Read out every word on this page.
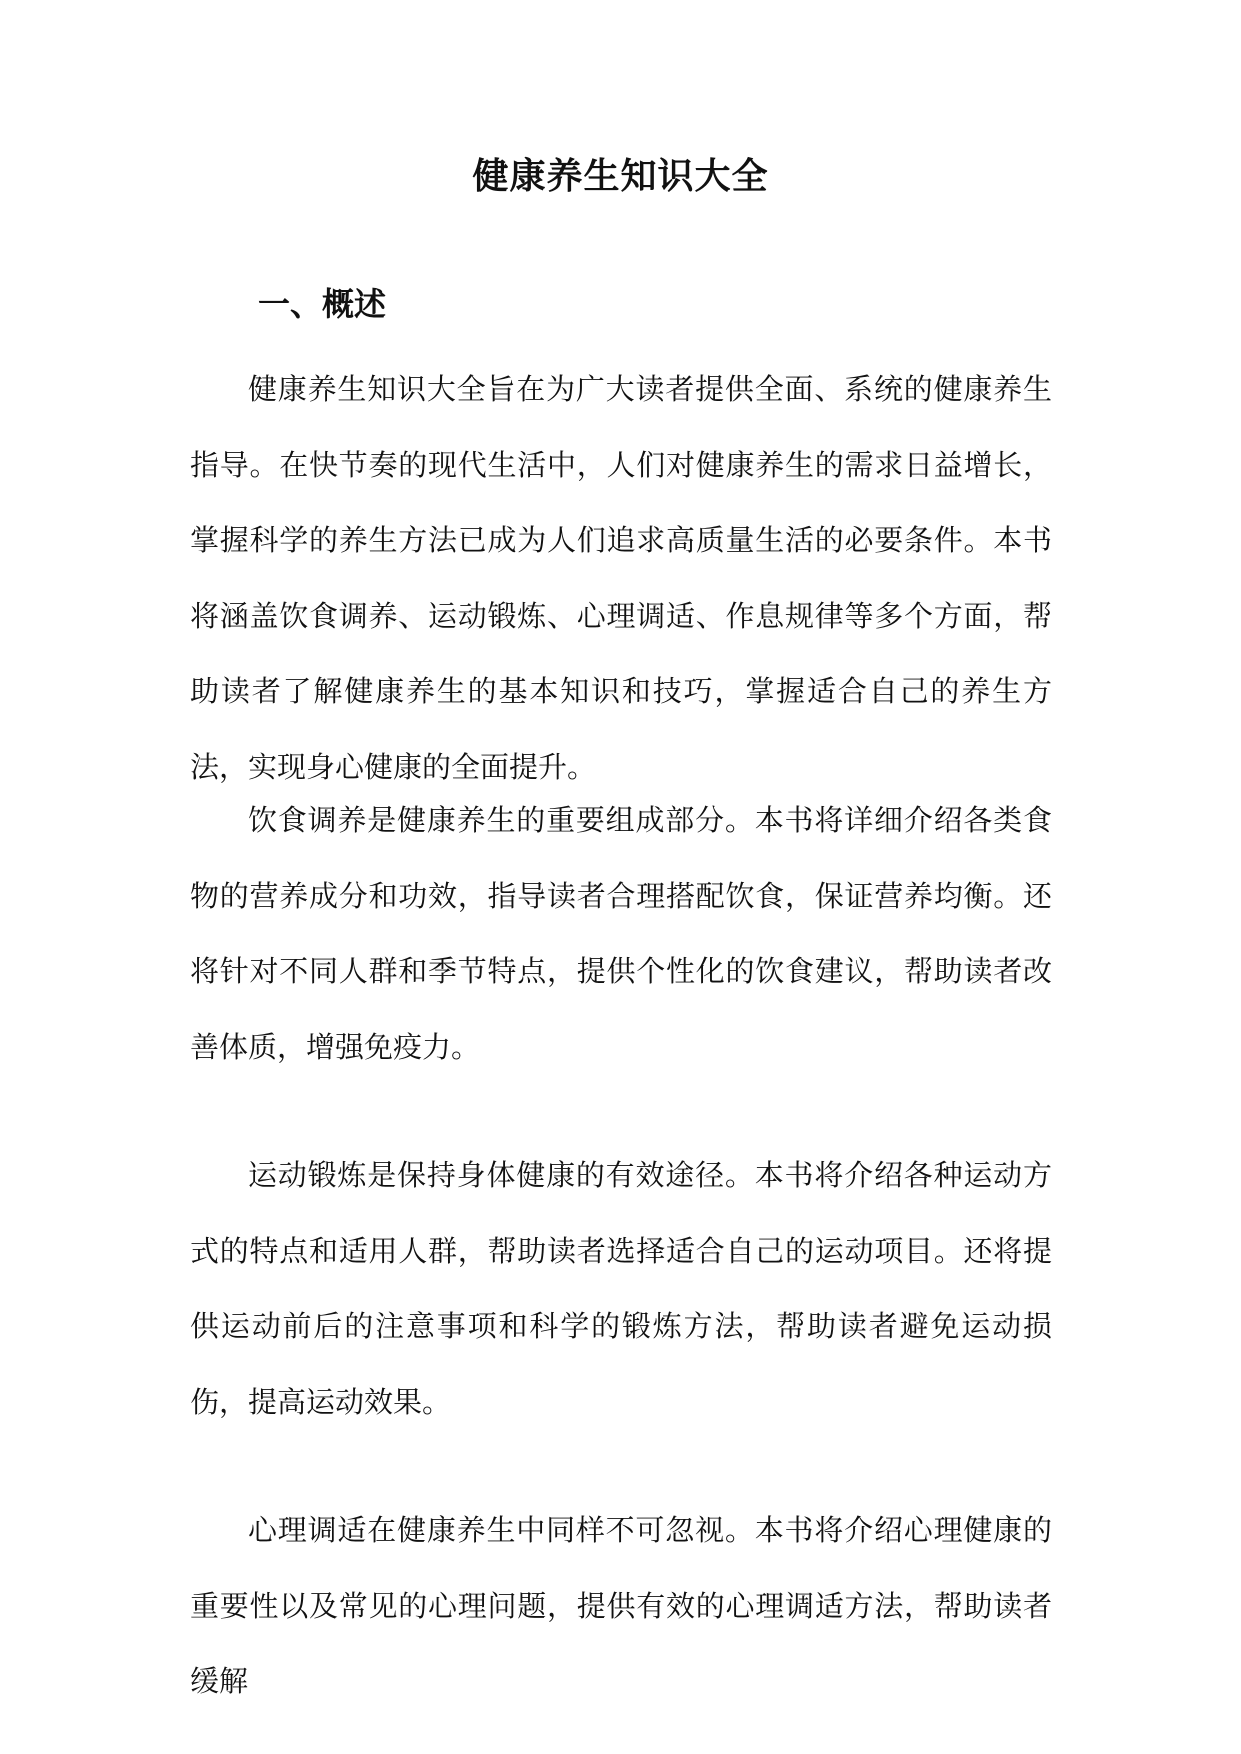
健康养生知识大全
一、概述

健康养生知识大全旨在为广大读者提供全面、系统的健康养生指导。在快节奏的现代生活中，人们对健康养生的需求日益增长，掌握科学的养生方法已成为人们追求高质量生活的必要条件。本书将涵盖饮食调养、运动锻炼、心理调适、作息规律等多个方面，帮助读者了解健康养生的基本知识和技巧，掌握适合自己的养生方法，实现身心健康的全面提升。

饮食调养是健康养生的重要组成部分。本书将详细介绍各类食物的营养成分和功效，指导读者合理搭配饮食，保证营养均衡。还将针对不同人群和季节特点，提供个性化的饮食建议，帮助读者改善体质，增强免疫力。

运动锻炼是保持身体健康的有效途径。本书将介绍各种运动方式的特点和适用人群，帮助读者选择适合自己的运动项目。还将提供运动前后的注意事项和科学的锻炼方法，帮助读者避免运动损伤，提高运动效果。

心理调适在健康养生中同样不可忽视。本书将介绍心理健康的重要性以及常见的心理问题，提供有效的心理调适方法，帮助读者缓解
